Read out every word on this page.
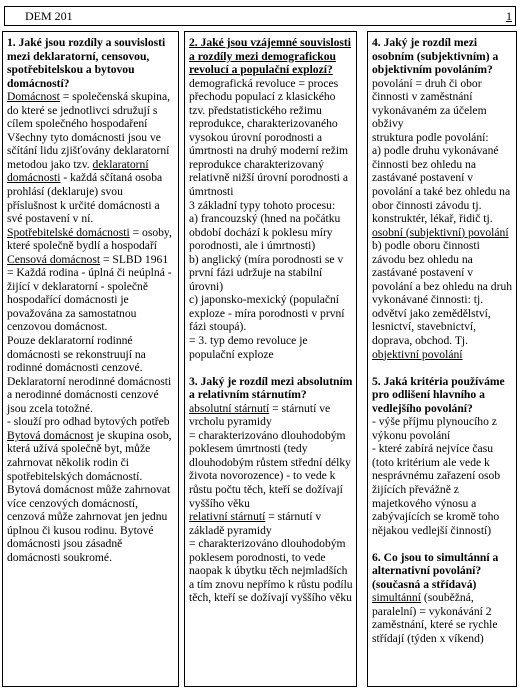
DEM 201	1

1. Jaké jsou rozdíly a souvislosti mezi deklaratorní, censovou, spotřebitelskou a bytovou domácností?

Domácnost = společenská skupina, do které se jednotlivci sdružují s cílem společného hospodaření

Všechny tyto domácnosti jsou ve sčítání lidu zjišťovány deklaratorní metodou jako tzv. deklaratorní domácnosti - každá sčítaná osoba prohlásí (deklaruje) svou příslušnost k určité domácnosti a své postavení v ní.

Spotřebitelské domácnosti = osoby, které společně bydlí a hospodaří

Censová domácnost = SLBD 1961 = Každá rodina - úplná či neúplná - žijící v deklaratorní - společně hospodařící domácnosti je považována za samostatnou cenzovou domácnost.

Pouze deklaratorní rodinné domácnosti se rekonstruují na rodinné domácnosti cenzové.

Deklaratorní nerodinné domácnosti a nerodinné domácnosti cenzové jsou zcela totožné.

- slouží pro odhad bytových potřeb

Bytová domácnost je skupina osob, která užívá společně byt, může zahrnovat několik rodin či spotřebitelských domácností.

Bytová domácnost může zahrnovat více cenzových domácností, cenzová může zahrnovat jen jednu úplnou či kusou rodinu. Bytové domácnosti jsou zásadně domácnosti soukromé.

2. Jaké jsou vzájemné souvislosti a rozdíly mezi demografickou revolucí a populační explozí?

demografická revoluce = proces přechodu populací z klasického tzv. předstatistického režimu reprodukce, charakterizovaného vysokou úrovní porodnosti a úmrtnosti na druhý moderní režim reprodukce charakterizovaný relativně nižší úrovní porodnosti a úmrtnosti

3 základní typy tohoto procesu:

a) francouzský (hned na počátku období dochází k poklesu míry porodnosti, ale i úmrtnosti)

b) anglický (míra porodnosti se v první fázi udržuje na stabilní úrovni)

c) japonsko-mexický (populační exploze - míra porodnosti v první fázi stoupá).

= 3. typ demo revoluce je populační exploze

3. Jaký je rozdíl mezi absolutním a relativním stárnutím?

absolutní stárnutí = stárnutí ve vrcholu pyramidy

= charakterizováno dlouhodobým poklesem úmrtnosti (tedy dlouhodobým růstem střední délky života novorozence) - to vede k růstu počtu těch, kteří se dožívají vyššího věku

relativní stárnutí = stárnutí v základě pyramidy

= charakterizováno dlouhodobým poklesem porodnosti, to vede naopak k úbytku těch nejmladších a tím znovu nepřímo k růstu podílu těch, kteří se dožívají vyššího věku

4. Jaký je rozdíl mezi osobním (subjektivním) a objektivním povoláním?

povolání = druh či obor činnosti v zaměstnání vykonávaném za účelem obživy

struktura podle povolání:

a) podle druhu vykonávané činnosti bez ohledu na zastávané postavení v povolání a také bez ohledu na obor činnosti závodu tj. konstruktér, lékař, řidič tj. osobní (subjektivní) povolání

b) podle oboru činnosti závodu bez ohledu na zastávané postavení v povolání a bez ohledu na druh vykonávané činnosti: tj. odvětví jako zemědělství, lesnictví, stavebnictví, doprava, obchod. Tj. objektivní povolání

5. Jaká kritéria používáme pro odlišení hlavního a vedlejšího povolání?

- výše příjmu plynoucího z výkonu povolání

- které zabírá nejvíce času (toto kritérium ale vede k nesprávnému zařazení osob žijících převážně z majetkového výnosu a zabývajících se kromě toho nějakou vedlejší činností)

6. Co jsou to simultánní a alternativní povolání? (současná a střídavá)

simultánní (souběžná, paralelní) = vykonávání 2 zaměstnání, které se rychle střídají (týden x víkend)
